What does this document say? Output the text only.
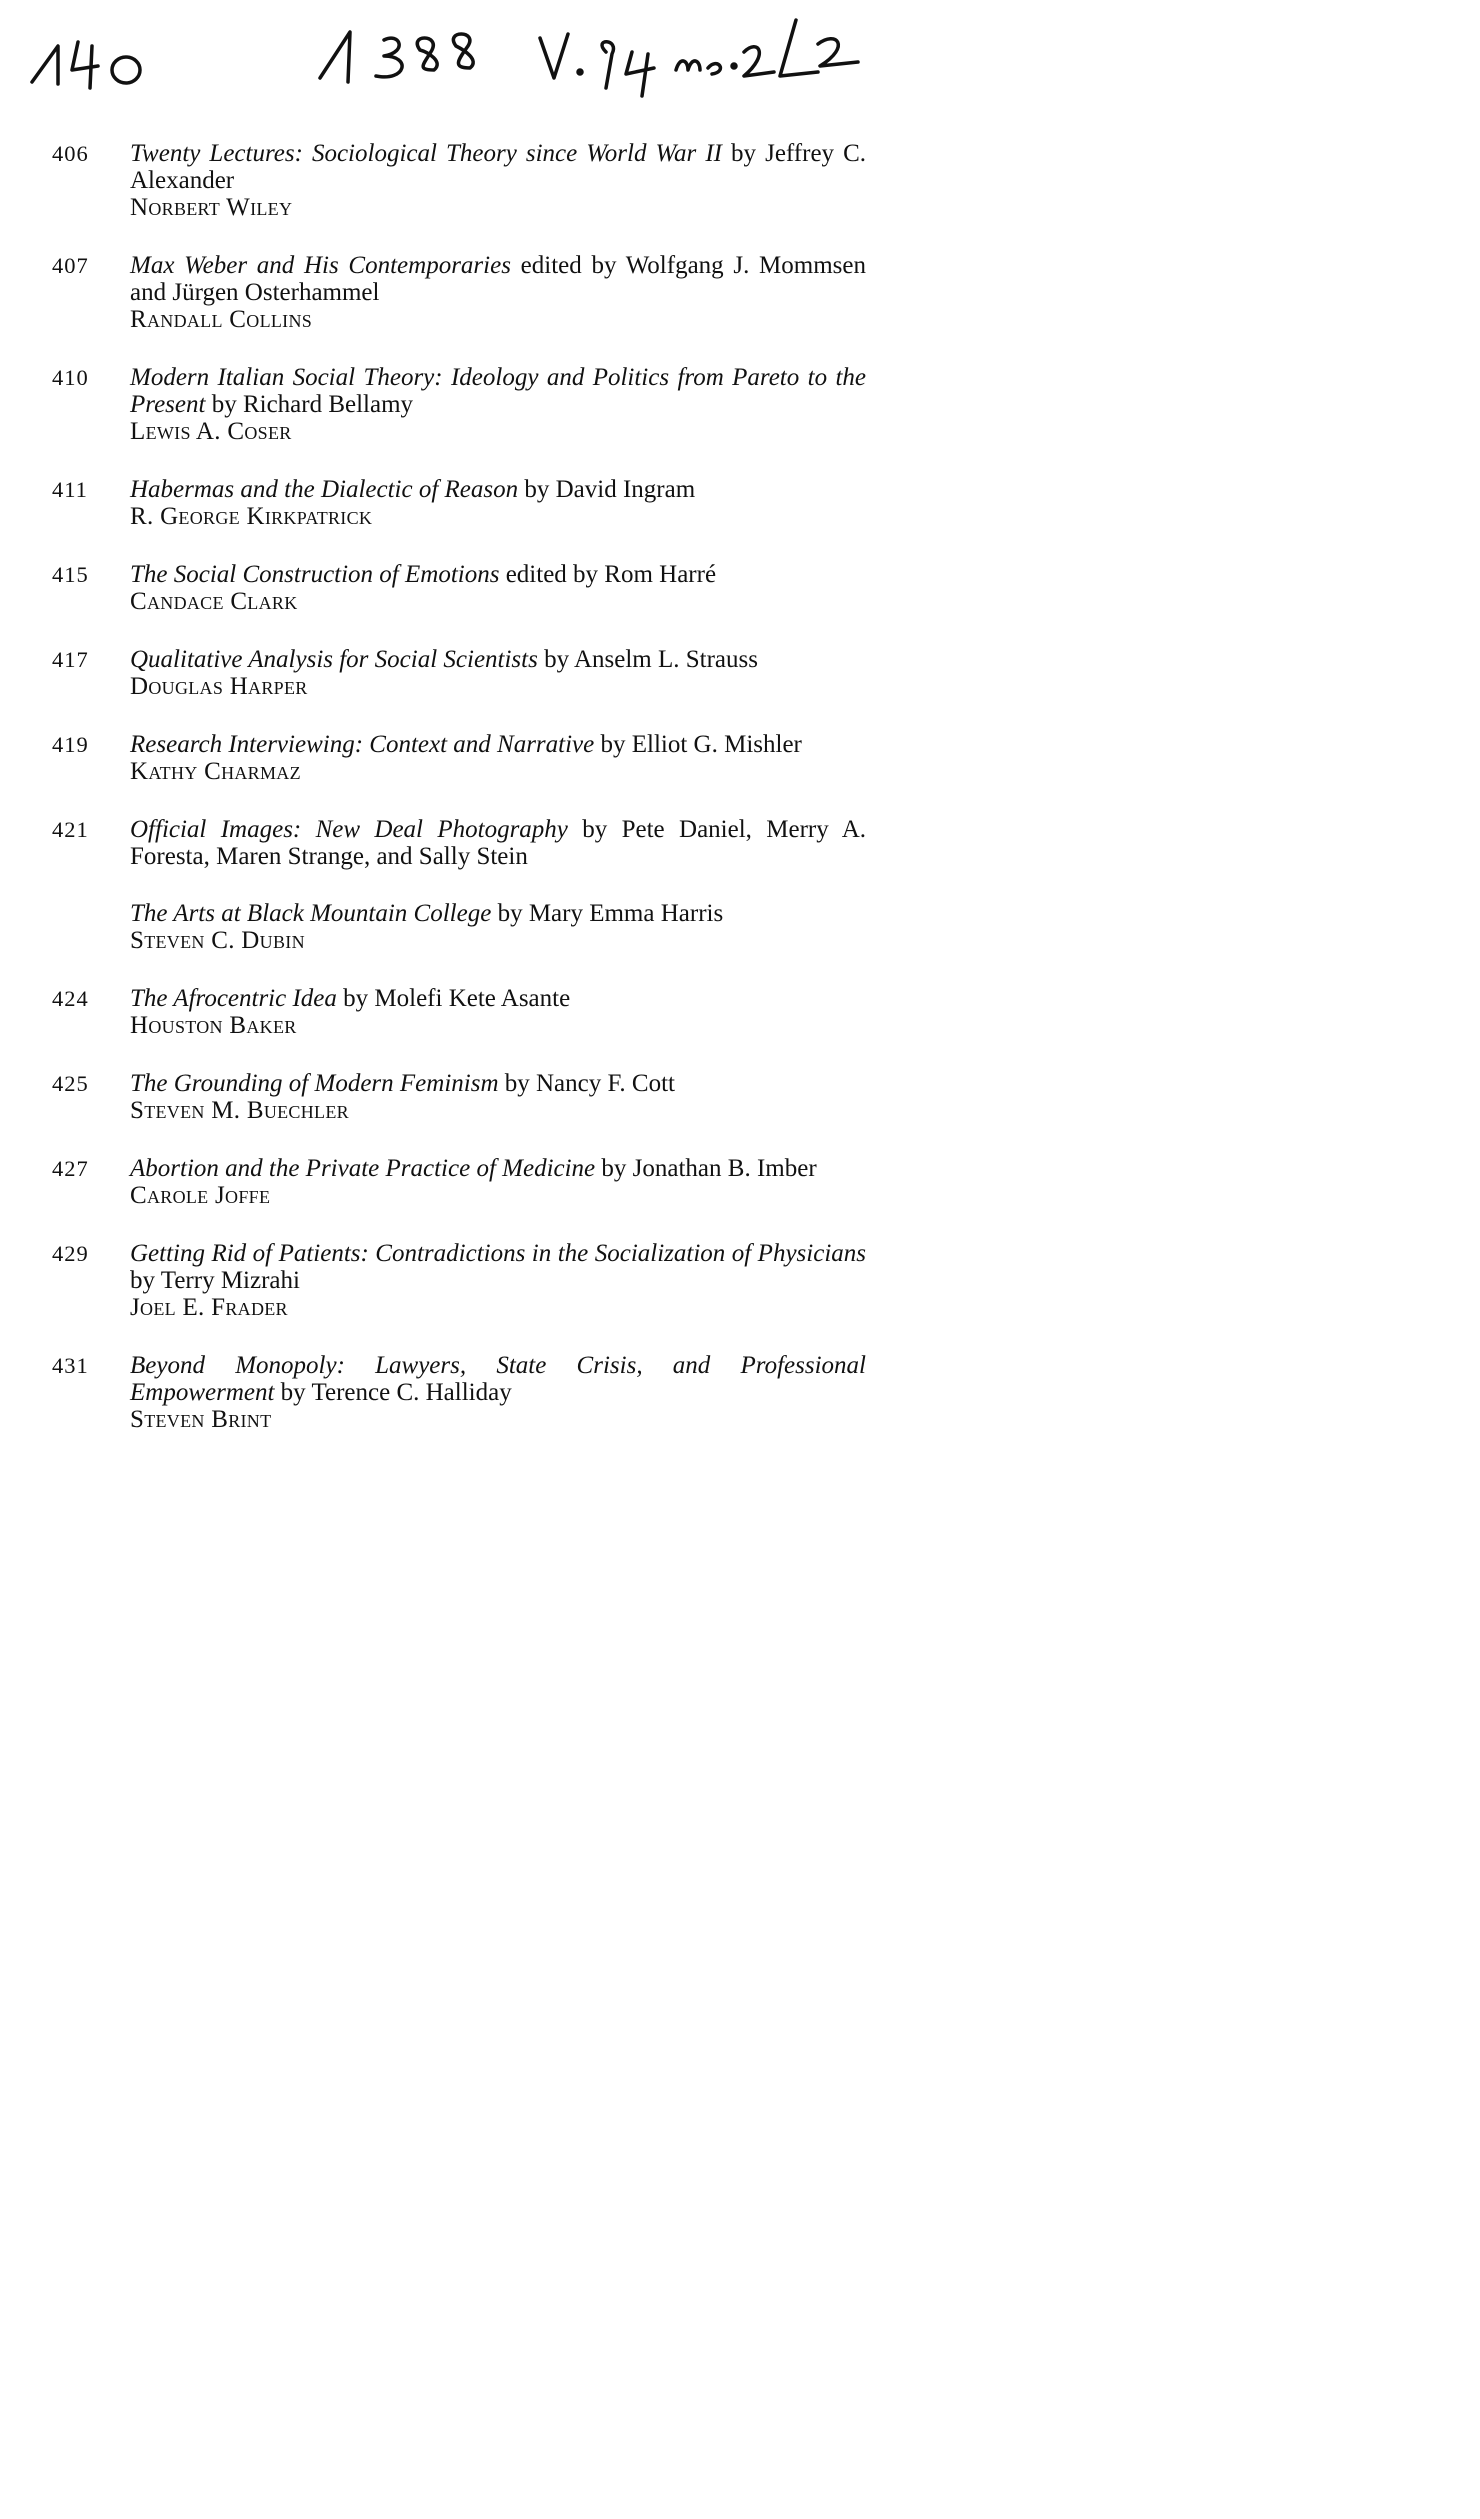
406	Twenty Lectures: Sociological Theory since World War II by Jeffrey C. Alexander
Norbert Wiley
407	Max Weber and His Contemporaries edited by Wolfgang J. Mommsen and Jürgen Osterhammel
Randall Collins
410	Modern Italian Social Theory: Ideology and Politics from Pareto to the Present by Richard Bellamy
Lewis A. Coser
411	Habermas and the Dialectic of Reason by David Ingram
R. George Kirkpatrick
415	The Social Construction of Emotions edited by Rom Harré
Candace Clark
417	Qualitative Analysis for Social Scientists by Anselm L. Strauss
Douglas Harper
419	Research Interviewing: Context and Narrative by Elliot G. Mishler
Kathy Charmaz
421	Official Images: New Deal Photography by Pete Daniel, Merry A. Foresta, Maren Strange, and Sally Stein
The Arts at Black Mountain College by Mary Emma Harris
Steven C. Dubin
424	The Afrocentric Idea by Molefi Kete Asante
Houston Baker
425	The Grounding of Modern Feminism by Nancy F. Cott
Steven M. Buechler
427	Abortion and the Private Practice of Medicine by Jonathan B. Imber
Carole Joffe
429	Getting Rid of Patients: Contradictions in the Socialization of Physicians by Terry Mizrahi
Joel E. Frader
431	Beyond Monopoly: Lawyers, State Crisis, and Professional Empowerment by Terence C. Halliday
Steven Brint
